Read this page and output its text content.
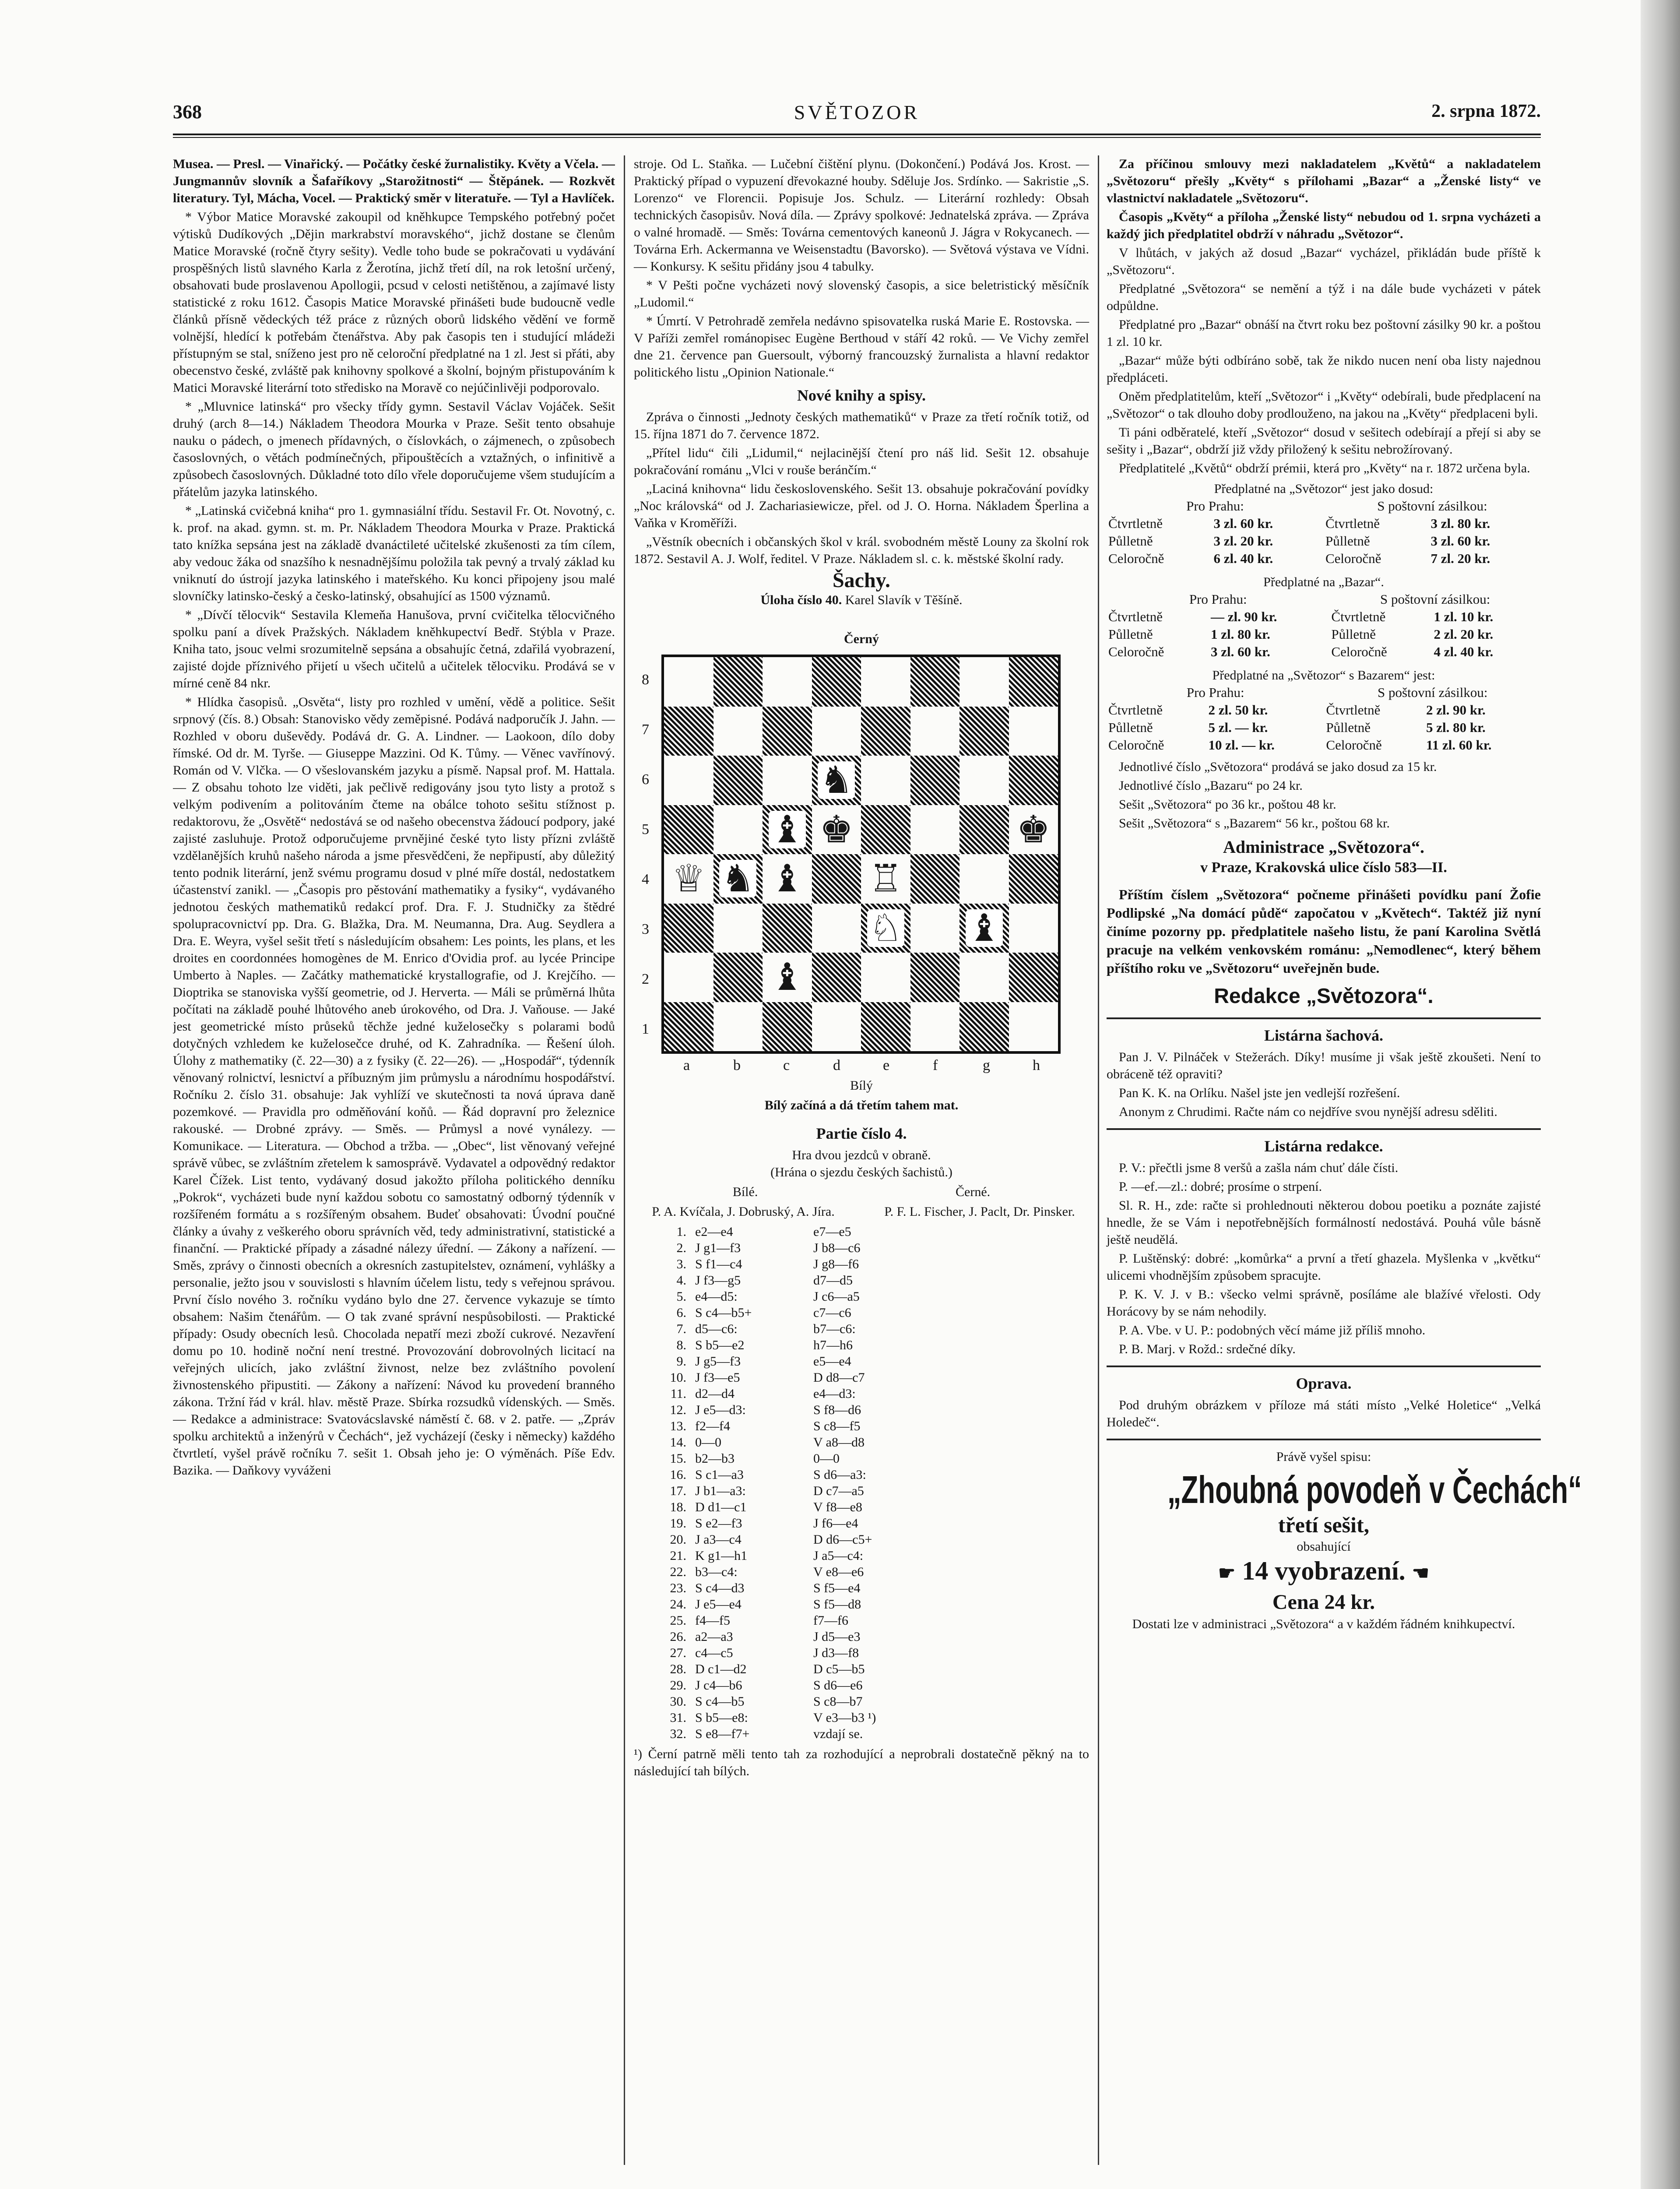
368	SVĚTOZOR	2. srpna 1872.

Musea. — Presl. — Vinařický. — Počátky české žurnalistiky. Květy a Včela. — Jungmannův slovník a Šafaříkovy „Starožitnosti“ — Štěpánek. — Rozkvět literatury. Tyl, Mácha, Vocel. — Praktický směr v literatuře. — Tyl a Havlíček.

* Výbor Matice Moravské zakoupil od kněhkupce Tempského potřebný počet výtisků Dudíkových „Dějin markrabství moravského“, jichž dostane se členům Matice Moravské (ročně čtyry sešity). Vedle toho bude se pokračovati u vydávání prospěšných listů slavného Karla z Žerotína, jichž třetí díl, na rok letošní určený, obsahovati bude proslavenou Apollogii, pcsud v celosti netištěnou, a zajímavé listy statistické z roku 1612. Časopis Matice Moravské přinášeti bude budoucně vedle článků přísně vědeckých též práce z různých oborů lidského vědění ve formě volnější, hledící k potřebám čtenářstva. Aby pak časopis ten i studující mládeži přístupným se stal, sníženo jest pro ně celoroční předplatné na 1 zl. Jest si přáti, aby obecenstvo české, zvláště pak knihovny spolkové a školní, bojným přistupováním k Matici Moravské literární toto středisko na Moravě co nejúčinlivěji podporovalo.

* „Mluvnice latinská“ pro všecky třídy gymn. Sestavil Václav Vojáček. Sešit druhý (arch 8—14.) Nákladem Theodora Mourka v Praze. Sešit tento obsahuje nauku o pádech, o jmenech přídavných, o číslovkách, o zájmenech, o způsobech časoslovných, o větách podmínečných, připouštěcích a vztažných, o infinitivě a způsobech časoslovných. Důkladné toto dílo vřele doporučujeme všem studujícím a přátelům jazyka latinského.

* „Latinská cvičebná kniha“ pro 1. gymnasiální třídu. Sestavil Fr. Ot. Novotný, c. k. prof. na akad. gymn. st. m. Pr. Nákladem Theodora Mourka v Praze. Praktická tato knížka sepsána jest na základě dvanáctileté učitelské zkušenosti za tím cílem, aby vedouc žáka od snazšího k nesnadnějšímu položila tak pevný a trvalý základ ku vniknutí do ústrojí jazyka latinského i mateřského. Ku konci připojeny jsou malé slovníčky latinsko-český a česko-latinský, obsahující as 1500 významů.

* „Dívčí tělocvik“ Sestavila Klemeňa Hanušova, první cvičitelka tělocvičného spolku paní a dívek Pražských. Nákladem kněhkupectví Bedř. Stýbla v Praze. Kniha tato, jsouc velmi srozumitelně sepsána a obsahujíc četná, zdařilá vyobrazení, zajisté dojde příznivého přijetí u všech učitelů a učitelek tělocviku. Prodává se v mírné ceně 84 nkr.

* Hlídka časopisů. „Osvěta“, listy pro rozhled v umění, vědě a politice. Sešit srpnový (čís. 8.) Obsah: Stanovisko vědy zeměpisné. Podává nadporučík J. Jahn. — Rozhled v oboru duševědy. Podává dr. G. A. Lindner. — Laokoon, dílo doby římské. Od dr. M. Tyrše. — Giuseppe Mazzini. Od K. Tůmy. — Věnec vavřínový. Román od V. Vlčka. — O všeslovanském jazyku a písmě. Napsal prof. M. Hattala. — Z obsahu tohoto lze viděti, jak pečlivě redigovány jsou tyto listy a protož s velkým podivením a politováním čteme na obálce tohoto sešitu stížnost p. redaktorovu, že „Osvětě“ nedostává se od našeho obecenstva žádoucí podpory, jaké zajisté zasluhuje. Protož odporučujeme prvnějiné české tyto listy přízni zvláště vzdělanějších kruhů našeho národa a jsme přesvědčeni, že nepřipustí, aby důležitý tento podnik literární, jenž svému programu dosud v plné míře dostál, nedostatkem účastenství zanikl. — „Časopis pro pěstování mathematiky a fysiky“, vydávaného jednotou českých mathematiků redakcí prof. Dra. F. J. Studničky za štědré spolupracovnictví pp. Dra. G. Blažka, Dra. M. Neumanna, Dra. Aug. Seydlera a Dra. E. Weyra, vyšel sešit třetí s následujícím obsahem: Les points, les plans, et les droites en coordonnées homogènes de M. Enrico d'Ovidia prof. au lycée Principe Umberto à Naples. — Začátky mathematické krystallografie, od J. Krejčího. — Dioptrika se stanoviska vyšší geometrie, od J. Herverta. — Máli se průměrná lhůta počítati na základě pouhé lhůtového aneb úrokového, od Dra. J. Vaňouse. — Jaké jest geometrické místo průseků těchže jedné kuželosečky s polarami bodů dotyčných vzhledem ke kuželosečce druhé, od K. Zahradníka. — Řešení úloh. Úlohy z mathematiky (č. 22—30) a z fysiky (č. 22—26). — „Hospodář“, týdenník věnovaný rolnictví, lesnictví a příbuzným jim průmyslu a národnímu hospodářství. Ročníku 2. číslo 31. obsahuje: Jak vyhlíží ve skutečnosti ta nová úprava daně pozemkové. — Pravidla pro odměňování koňů. — Řád dopravní pro železnice rakouské. — Drobné zprávy. — Směs. — Průmysl a nové vynálezy. — Komunikace. — Literatura. — Obchod a tržba. — „Obec“, list věnovaný veřejné správě vůbec, se zvláštním zřetelem k samosprávě. Vydavatel a odpovědný redaktor Karel Čížek. List tento, vydávaný dosud jakožto příloha politického denníku „Pokrok“, vycházeti bude nyní každou sobotu co samostatný odborný týdenník v rozšířeném formátu a s rozšířeným obsahem. Budeť obsahovati: Úvodní poučné články a úvahy z veškerého oboru správních věd, tedy administrativní, statistické a finanční. — Praktické případy a zásadné nálezy úřední. — Zákony a nařízení. — Směs, zprávy o činnosti obecních a okresních zastupitelstev, oznámení, vyhlášky a personalie, ježto jsou v souvislosti s hlavním účelem listu, tedy s veřejnou správou. První číslo nového 3. ročníku vydáno bylo dne 27. července vykazuje se tímto obsahem: Našim čtenářům. — O tak zvané správní nespůsobilosti. — Praktické případy: Osudy obecních lesů. Chocolada nepatří mezi zboží cukrové. Nezavření domu po 10. hodině noční není trestné. Provozování dobrovolných licitací na veřejných ulicích, jako zvláštní živnost, nelze bez zvláštního povolení živnostenského připustiti. — Zákony a nařízení: Návod ku provedení branného zákona. Tržní řád v král. hlav. městě Praze. Sbírka rozsudků vídenských. — Směs. — Redakce a administrace: Svatovácslavské náměstí č. 68. v 2. patře. — „Zpráv spolku architektů a inženýrů v Čechách“, jež vycházejí (česky i německy) každého čtvrtletí, vyšel právě ročníku 7. sešit 1. Obsah jeho je: O výměnách. Píše Edv. Bazika. — Daňkovy vyváženi

stroje. Od L. Staňka. — Lučební čištění plynu. (Dokončení.) Podává Jos. Krost. — Praktický případ o vypuzení dřevokazné houby. Sděluje Jos. Srdínko. — Sakristie „S. Lorenzo“ ve Florencii. Popisuje Jos. Schulz. — Literární rozhledy: Obsah technických časopisův. Nová díla. — Zprávy spolkové: Jednatelská zpráva. — Zpráva o valné hromadě. — Směs: Továrna cementových kaneonů J. Jágra v Rokycanech. — Továrna Erh. Ackermanna ve Weisenstadtu (Bavorsko). — Světová výstava ve Vídni. — Konkursy. K sešitu přidány jsou 4 tabulky.

* V Pešti počne vycházeti nový slovenský časopis, a sice beletristický měsíčník „Ludomil.“

* Úmrtí. V Petrohradě zemřela nedávno spisovatelka ruská Marie E. Rostovska. — V Paříži zemřel románopisec Eugène Berthoud v stáří 42 roků. — Ve Vichy zemřel dne 21. července pan Guersoult, výborný francouzský žurnalista a hlavní redaktor politického listu „Opinion Nationale.“

Nové knihy a spisy.

Zpráva o činnosti „Jednoty českých mathematiků“ v Praze za třetí ročník totiž, od 15. října 1871 do 7. července 1872.

„Přítel lidu“ čili „Lidumil,“ nejlacinější čtení pro náš lid. Sešit 12. obsahuje pokračování románu „Vlci v rouše beránčím.“

„Laciná knihovna“ lidu československého. Sešit 13. obsahuje pokračování povídky „Noc královská“ od J. Zachariasiewicze, přel. od J. O. Horna. Nákladem Šperlina a Vaňka v Kroměříži.

„Věstník obecních i občanských škol v král. svobodném městě Louny za školní rok 1872. Sestavil A. J. Wolf, ředitel. V Praze. Nákladem sl. c. k. městské školní rady.

Šachy.
Úloha číslo 40. Karel Slavík v Těšíně.
Černý
8
7
6
5
4
3
2
1
♞
♝ ♚	♚
♕ ♞ ♝ ♖
♘ ♝
♝
a	b	c	d	e	f	g	h
Bílý
Bílý začíná a dá třetím tahem mat.
Partie číslo 4.
Hra dvou jezdců v obraně.
(Hrána o sjezdu českých šachistů.)
Bílé.	Černé.
P. A. Kvíčala, J. Dobruský, A. Jíra.	P. F. L. Fischer, J. Paclt, Dr. Pinsker.
1.	e2—e4	e7—e5
2.	J g1—f3	J b8—c6
3.	S f1—c4	J g8—f6
4.	J f3—g5	d7—d5
5.	e4—d5:	J c6—a5
6.	S c4—b5+	c7—c6
7.	d5—c6:	b7—c6:
8.	S b5—e2	h7—h6
9.	J g5—f3	e5—e4
10.	J f3—e5	D d8—c7
11.	d2—d4	e4—d3:
12.	J e5—d3:	S f8—d6
13.	f2—f4	S c8—f5
14.	0—0	V a8—d8
15.	b2—b3	0—0
16.	S c1—a3	S d6—a3:
17.	J b1—a3:	D c7—a5
18.	D d1—c1	V f8—e8
19.	S e2—f3	J f6—e4
20.	J a3—c4	D d6—c5+
21.	K g1—h1	J a5—c4:
22.	b3—c4:	V e8—e6
23.	S c4—d3	S f5—e4
24.	J e5—e4	S f5—d8
25.	f4—f5	f7—f6
26.	a2—a3	J d5—e3
27.	c4—c5	J d3—f8
28.	D c1—d2	D c5—b5
29.	J c4—b6	S d6—e6
30.	S c4—b5	S c8—b7
31.	S b5—e8:	V e3—b3 ¹)
32.	S e8—f7+	vzdají se.

¹) Černí patrně měli tento tah za rozhodující a neprobrali dostatečně pěkný na to následující tah bílých.

Za příčinou smlouvy mezi nakladatelem „Květů“ a nakladatelem „Světozoru“ přešly „Květy“ s přílohami „Bazar“ a „Ženské listy“ ve vlastnictví nakladatele „Světozoru“.

Časopis „Květy“ a příloha „Ženské listy“ nebudou od 1. srpna vycházeti a každý jich předplatitel obdrží v náhradu „Světozor“.

V lhůtách, v jakých až dosud „Bazar“ vycházel, přikládán bude příště k „Světozoru“.

Předplatné „Světozora“ se nemění a týž i na dále bude vycházeti v pátek odpůldne.

Předplatné pro „Bazar“ obnáší na čtvrt roku bez poštovní zásilky 90 kr. a poštou 1 zl. 10 kr.

„Bazar“ může býti odbíráno sobě, tak že nikdo nucen není oba listy najednou předpláceti.

Oněm předplatitelům, kteří „Světozor“ i „Květy“ odebírali, bude předplacení na „Světozor“ o tak dlouho doby prodlouženo, na jakou na „Květy“ předplaceni byli.

Ti páni odběratelé, kteří „Světozor“ dosud v sešitech odebírají a přejí si aby se sešity i „Bazar“, obdrží již vždy přiložený k sešitu nebrožírovaný.

Předplatitelé „Květů“ obdrží prémii, která pro „Květy“ na r. 1872 určena byla.

Předplatné na „Světozor“ jest jako dosud:
Pro Prahu:		S poštovní zásilkou:	
Čtvrtletně	3 zl. 60 kr.	Čtvrtletně	3 zl. 80 kr.
Půlletně	3 zl. 20 kr.	Půlletně	3 zl. 60 kr.
Celoročně	6 zl. 40 kr.	Celoročně	7 zl. 20 kr.
Předplatné na „Bazar“.
Pro Prahu:		S poštovní zásilkou:	
Čtvrtletně	— zl. 90 kr.	Čtvrtletně	1 zl. 10 kr.
Půlletně	1 zl. 80 kr.	Půlletně	2 zl. 20 kr.
Celoročně	3 zl. 60 kr.	Celoročně	4 zl. 40 kr.
Předplatné na „Světozor“ s Bazarem“ jest:
Pro Prahu:		S poštovní zásilkou:	
Čtvrtletně	2 zl. 50 kr.	Čtvrtletně	2 zl. 90 kr.
Půlletně	5 zl. — kr.	Půlletně	5 zl. 80 kr.
Celoročně	10 zl. — kr.	Celoročně	11 zl. 60 kr.

Jednotlivé číslo „Světozora“ prodává se jako dosud za 15 kr.

Jednotlivé číslo „Bazaru“ po 24 kr.

Sešit „Světozora“ po 36 kr., poštou 48 kr.

Sešit „Světozora“ s „Bazarem“ 56 kr., poštou 68 kr.

Administrace „Světozora“.
v Praze, Krakovská ulice číslo 583—II.

Příštím číslem „Světozora“ počneme přinášeti povídku paní Žofie Podlipské „Na domácí půdě“ započatou v „Květech“. Taktéž již nyní činíme pozorny pp. předplatitele našeho listu, že paní Karolina Světlá pracuje na velkém venkovském románu: „Nemodlenec“, který během příštího roku ve „Světozoru“ uveřejněn bude.

Redakce „Světozora“.
Listárna šachová.

Pan J. V. Pilnáček v Stežerách. Díky! musíme ji však ještě zkoušeti. Není to obráceně též opraviti?

Pan K. K. na Orlíku. Našel jste jen vedlejší rozřešení.

Anonym z Chrudimi. Račte nám co nejdříve svou nynější adresu sděliti.

Listárna redakce.

P. V.: přečtli jsme 8 veršů a zašla nám chuť dále čísti.

P. —ef.—zl.: dobré; prosíme o strpení.

Sl. R. H., zde: račte si prohlednouti některou dobou poetiku a poznáte zajisté hnedle, že se Vám i nepotřebnějších formálností nedostává. Pouhá vůle básně ještě neudělá.

P. Luštěnský: dobré: „komůrka“ a první a třetí ghazela. Myšlenka v „květku“ ulicemi vhodnějším způsobem spracujte.

P. K. V. J. v B.: všecko velmi správně, posíláme ale blažívé vřelosti. Ody Horácovy by se nám nehodily.

P. A. Vbe. v U. P.: podobných věcí máme již příliš mnoho.

P. B. Marj. v Rožd.: srdečné díky.

Oprava.

Pod druhým obrázkem v příloze má státi místo „Velké Holetice“ „Velká Holedeč“.

Právě vyšel spisu:
„Zhoubná povodeň v Čechách“
třetí sešit,
obsahující
☛ 14 vyobrazení. ☚
Cena 24 kr.

Dostati lze v administraci „Světozora“ a v každém řádném knihkupectví.
